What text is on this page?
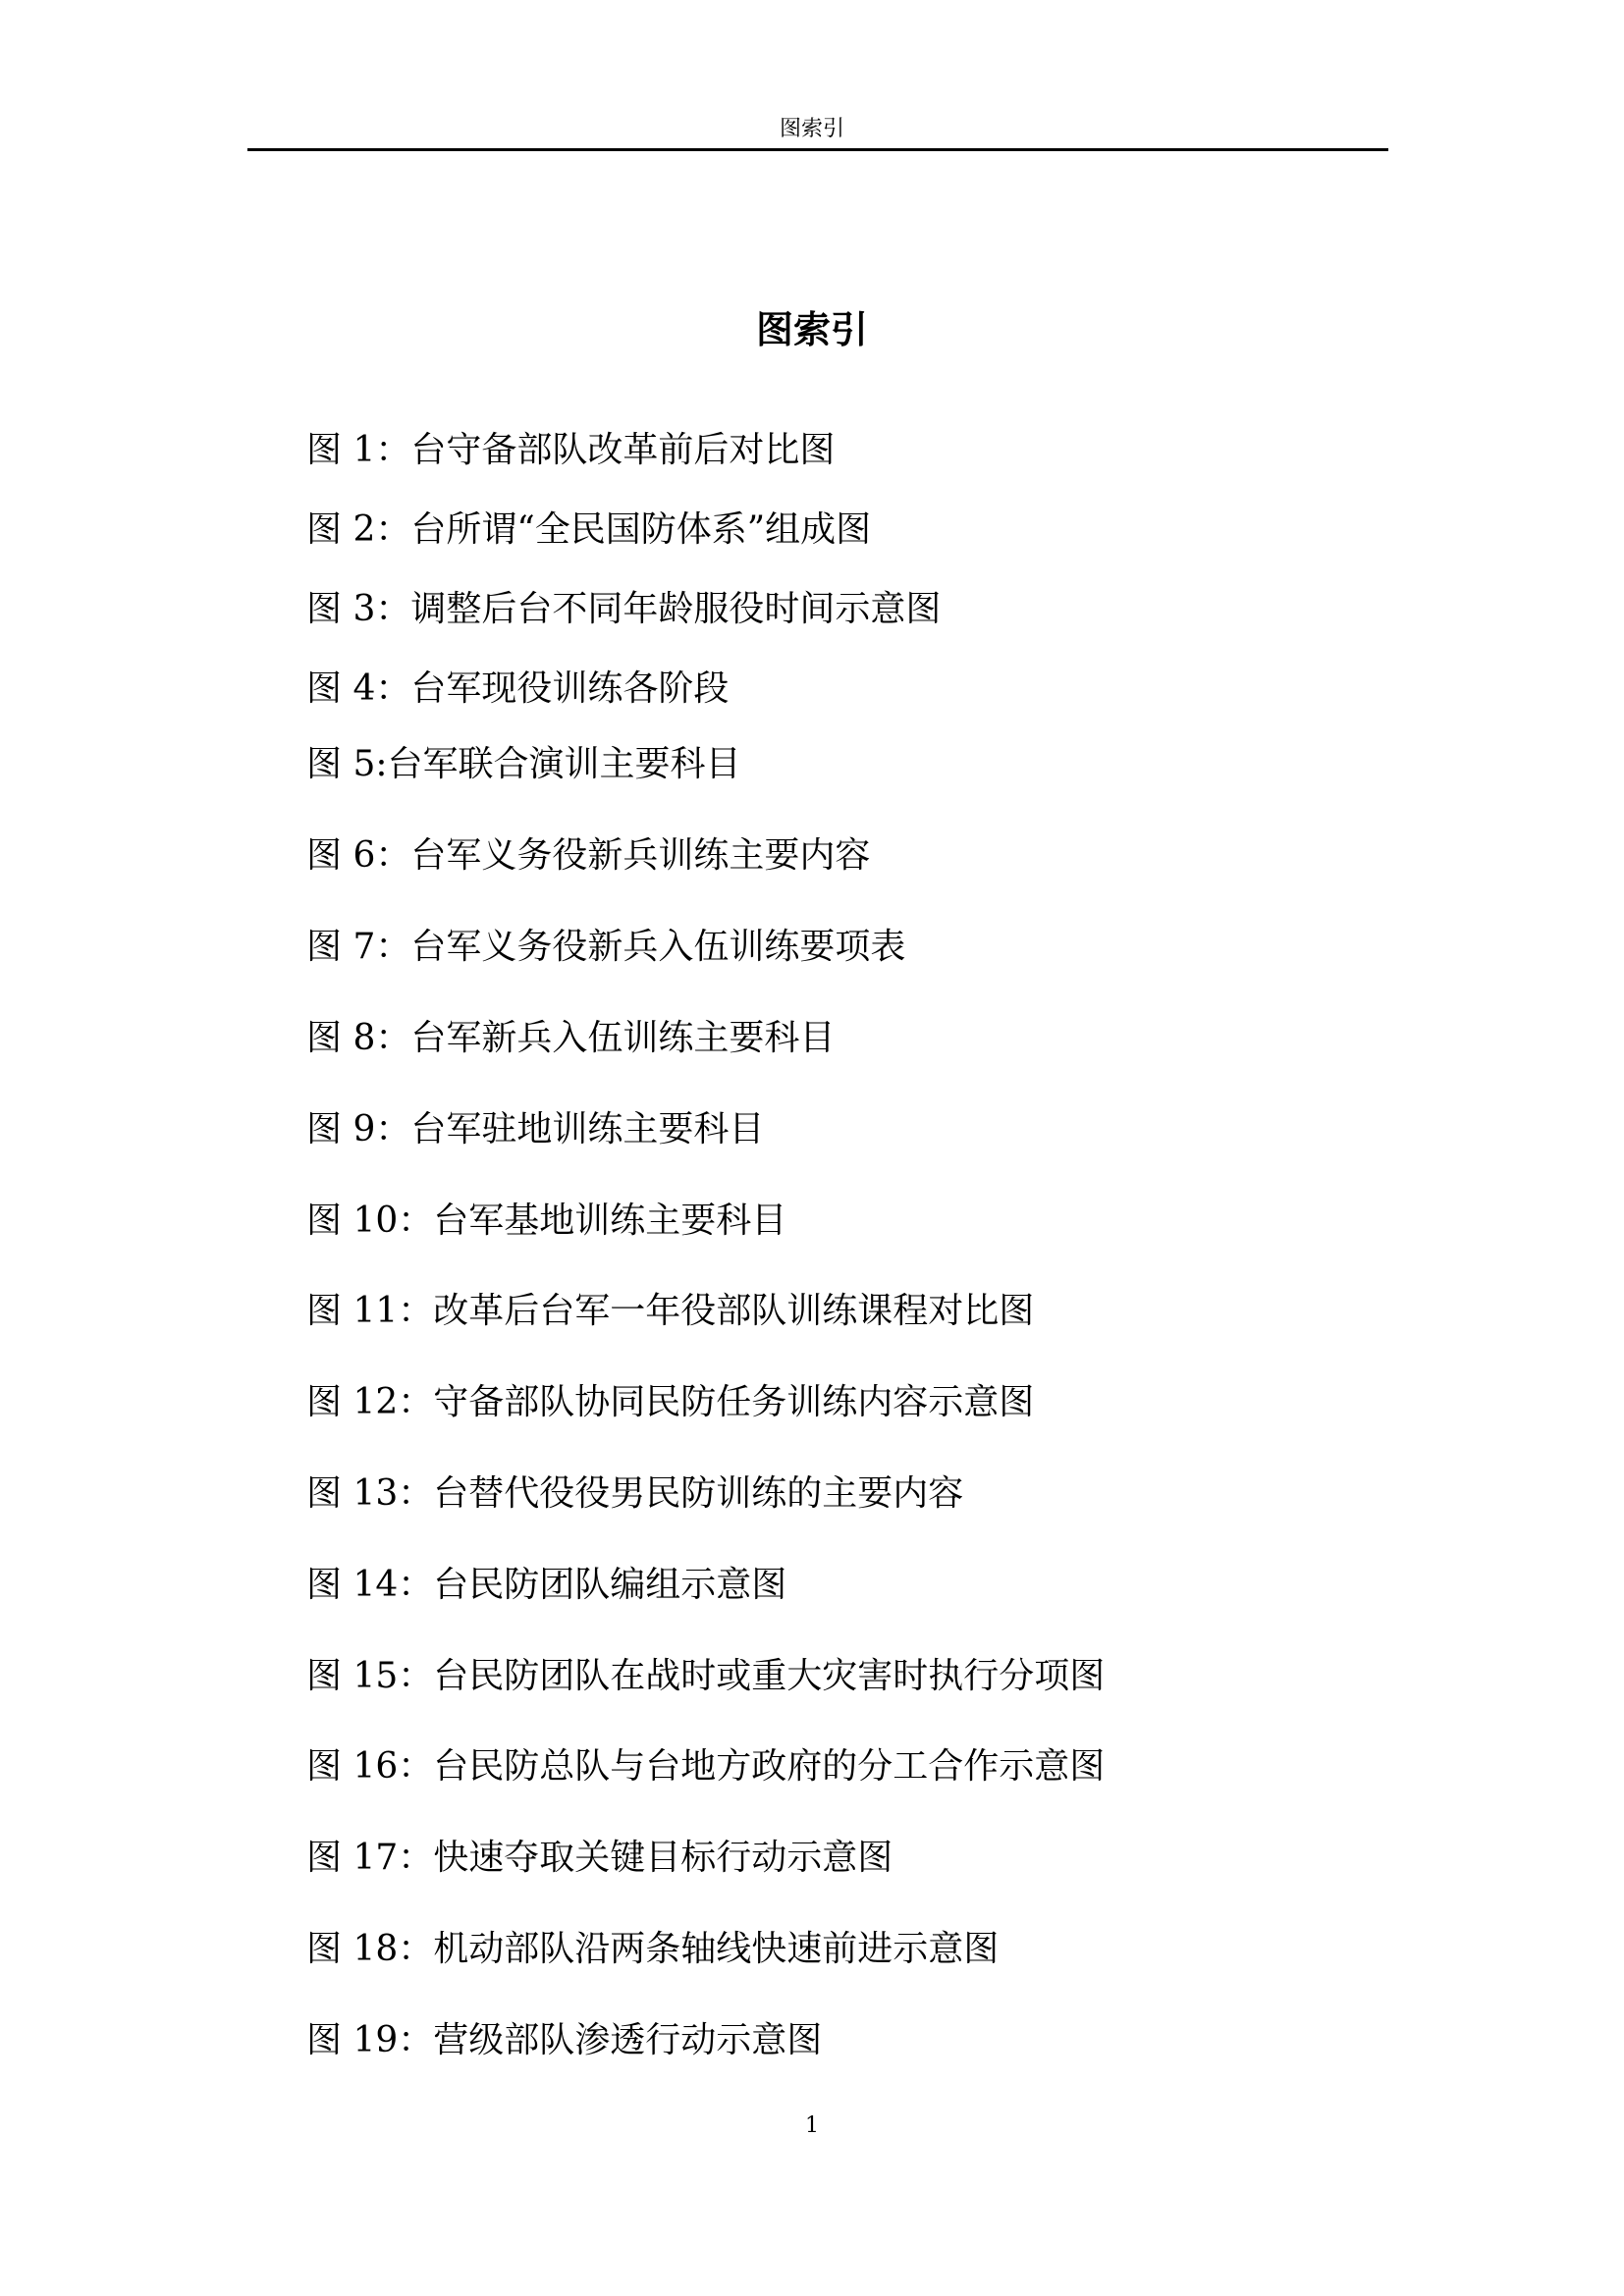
图索引
图索引
图 1：台守备部队改革前后对比图
图 2：台所谓“全民国防体系”组成图
图 3：调整后台不同年龄服役时间示意图
图 4：台军现役训练各阶段
图 5:台军联合演训主要科目
图 6：台军义务役新兵训练主要内容
图 7：台军义务役新兵入伍训练要项表
图 8：台军新兵入伍训练主要科目
图 9：台军驻地训练主要科目
图 10：台军基地训练主要科目
图 11：改革后台军一年役部队训练课程对比图
图 12：守备部队协同民防任务训练内容示意图
图 13：台替代役役男民防训练的主要内容
图 14：台民防团队编组示意图
图 15：台民防团队在战时或重大灾害时执行分项图
图 16：台民防总队与台地方政府的分工合作示意图
图 17：快速夺取关键目标行动示意图
图 18：机动部队沿两条轴线快速前进示意图
图 19：营级部队渗透行动示意图
1
